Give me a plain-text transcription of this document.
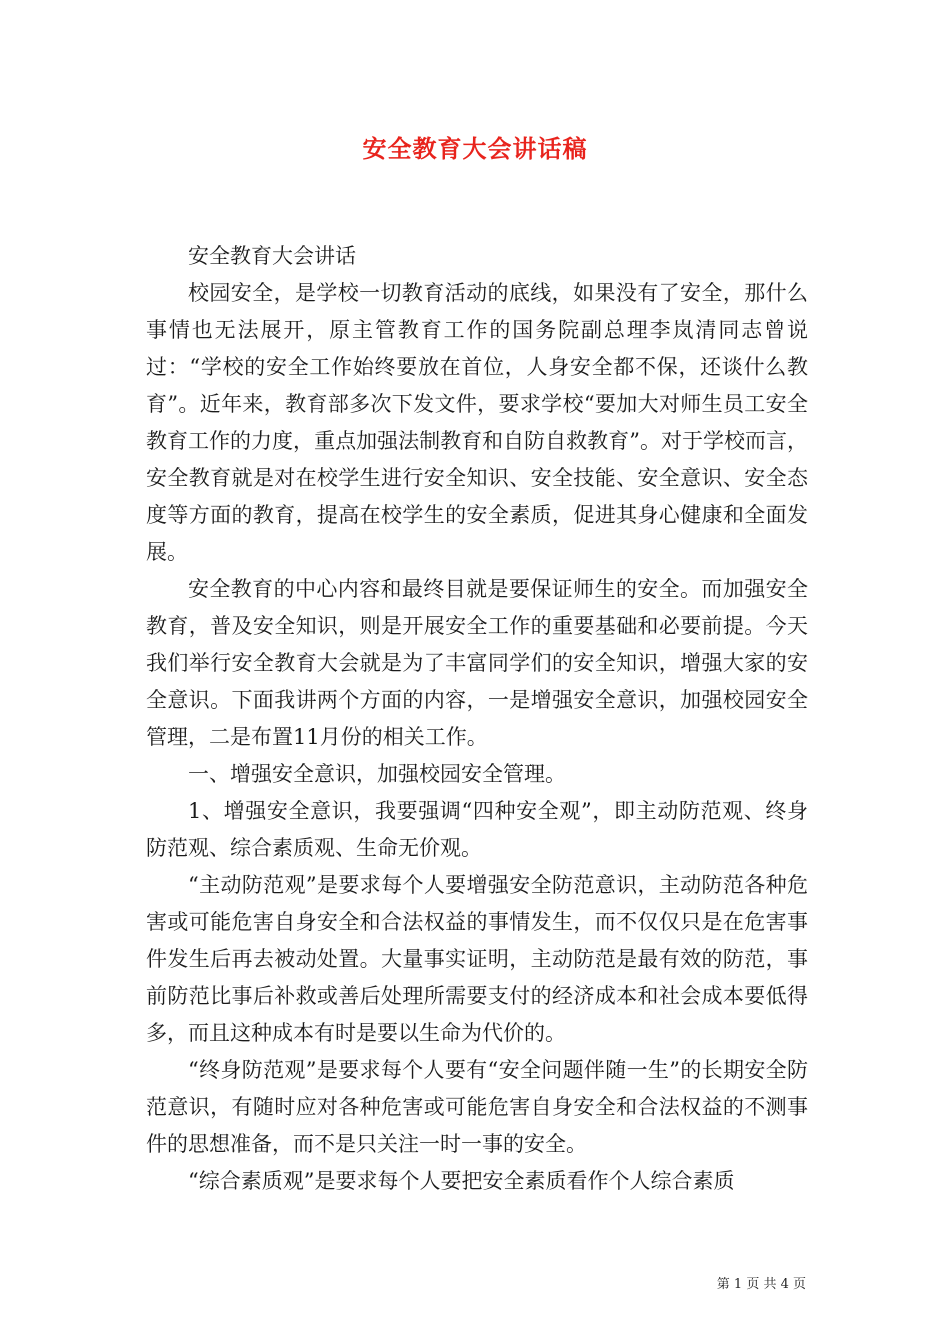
安全教育大会讲话稿

安全教育大会讲话

校园安全，是学校一切教育活动的底线，如果没有了安全，那什么事情也无法展开，原主管教育工作的国务院副总理李岚清同志曾说过：“学校的安全工作始终要放在首位，人身安全都不保，还谈什么教育”。近年来，教育部多次下发文件，要求学校“要加大对师生员工安全教育工作的力度，重点加强法制教育和自防自救教育”。对于学校而言，安全教育就是对在校学生进行安全知识、安全技能、安全意识、安全态度等方面的教育，提高在校学生的安全素质，促进其身心健康和全面发展。

安全教育的中心内容和最终目就是要保证师生的安全。而加强安全教育，普及安全知识，则是开展安全工作的重要基础和必要前提。今天我们举行安全教育大会就是为了丰富同学们的安全知识，增强大家的安全意识。下面我讲两个方面的内容，一是增强安全意识，加强校园安全管理，二是布置11月份的相关工作。

一、增强安全意识，加强校园安全管理。

1、增强安全意识，我要强调“四种安全观”，即主动防范观、终身防范观、综合素质观、生命无价观。

“主动防范观”是要求每个人要增强安全防范意识，主动防范各种危害或可能危害自身安全和合法权益的事情发生，而不仅仅只是在危害事件发生后再去被动处置。大量事实证明，主动防范是最有效的防范，事前防范比事后补救或善后处理所需要支付的经济成本和社会成本要低得多，而且这种成本有时是要以生命为代价的。

“终身防范观”是要求每个人要有“安全问题伴随一生”的长期安全防范意识，有随时应对各种危害或可能危害自身安全和合法权益的不测事件的思想准备，而不是只关注一时一事的安全。

“综合素质观”是要求每个人要把安全素质看作个人综合素质

第 1 页 共 4 页
